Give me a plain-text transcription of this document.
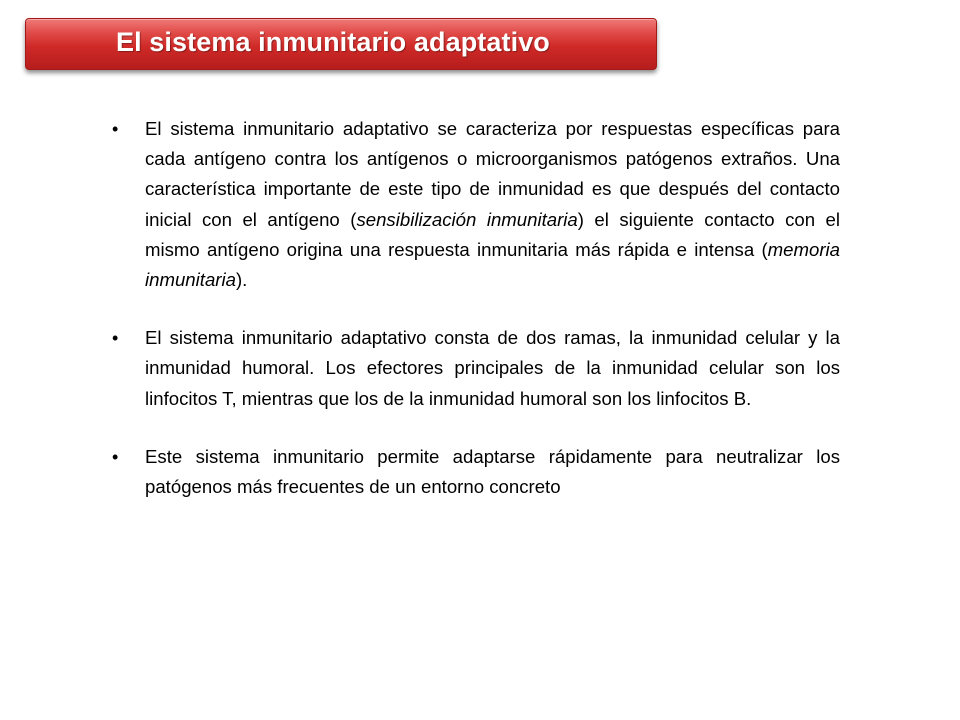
El sistema inmunitario adaptativo
• El sistema inmunitario adaptativo se caracteriza por respuestas específicas para cada antígeno contra los antígenos o microorganismos patógenos extraños. Una característica importante de este tipo de inmunidad es que después del contacto inicial con el antígeno (sensibilización inmunitaria) el siguiente contacto con el mismo antígeno origina una respuesta inmunitaria más rápida e intensa (memoria inmunitaria).

• El sistema inmunitario adaptativo consta de dos ramas, la inmunidad celular y la inmunidad humoral. Los efectores principales de la inmunidad celular son los linfocitos T, mientras que los de la inmunidad humoral son los linfocitos B.

• Este sistema inmunitario permite adaptarse rápidamente para neutralizar los patógenos más frecuentes de un entorno concreto
